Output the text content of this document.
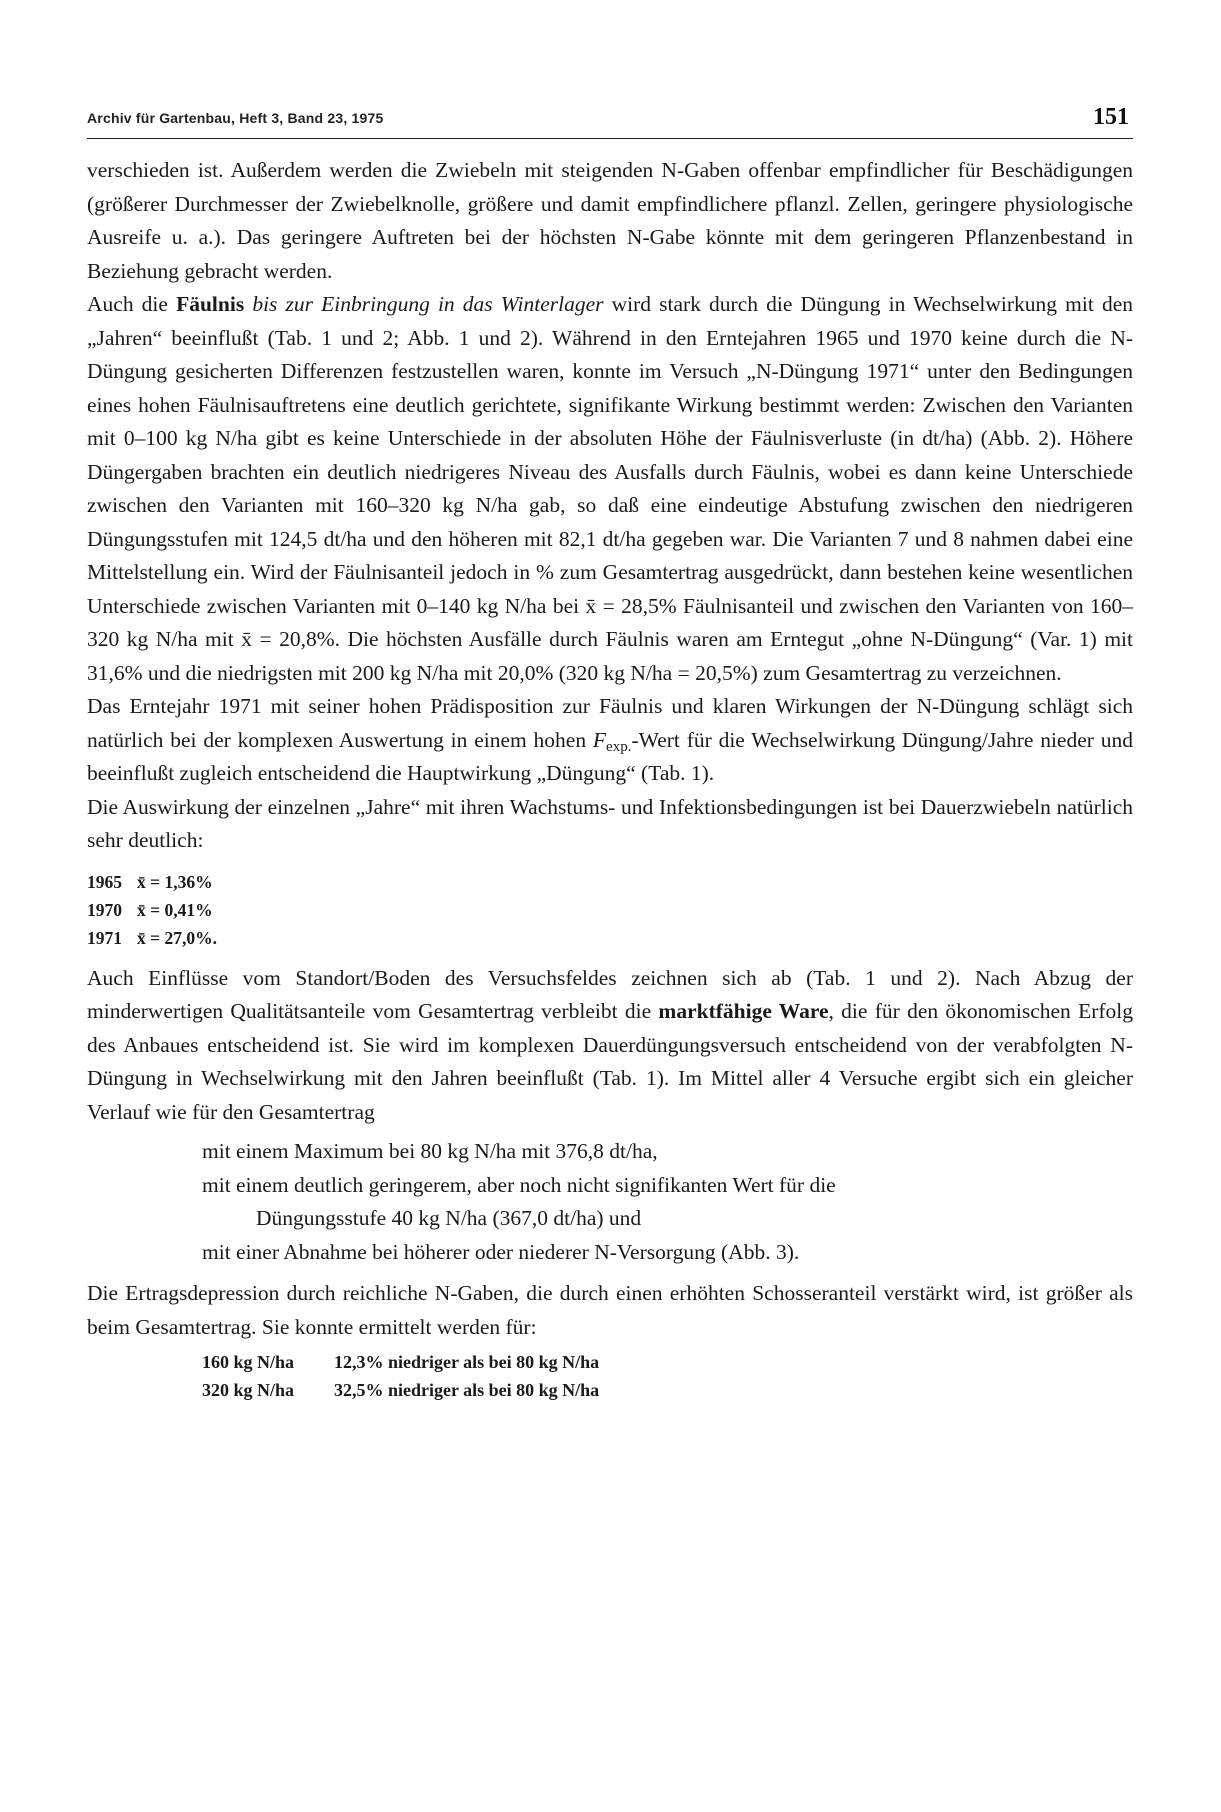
Archiv für Gartenbau, Heft 3, Band 23, 1975	151

verschieden ist. Außerdem werden die Zwiebeln mit steigenden N-Gaben offenbar empfindlicher für Beschädigungen (größerer Durchmesser der Zwiebelknolle, größere und damit empfindlichere pflanzl. Zellen, geringere physiologische Ausreife u. a.). Das geringere Auftreten bei der höchsten N-Gabe könnte mit dem geringeren Pflanzenbestand in Beziehung gebracht werden.

Auch die Fäulnis bis zur Einbringung in das Winterlager wird stark durch die Düngung in Wechselwirkung mit den „Jahren“ beeinflußt (Tab. 1 und 2; Abb. 1 und 2). Während in den Erntejahren 1965 und 1970 keine durch die N-Düngung gesicherten Differenzen festzustellen waren, konnte im Versuch „N-Düngung 1971“ unter den Bedingungen eines hohen Fäulnisauftretens eine deutlich gerichtete, signifikante Wirkung bestimmt werden: Zwischen den Varianten mit 0–100 kg N/ha gibt es keine Unterschiede in der absoluten Höhe der Fäulnisverluste (in dt/ha) (Abb. 2). Höhere Düngergaben brachten ein deutlich niedrigeres Niveau des Ausfalls durch Fäulnis, wobei es dann keine Unterschiede zwischen den Varianten mit 160–320 kg N/ha gab, so daß eine eindeutige Abstufung zwischen den niedrigeren Düngungsstufen mit 124,5 dt/ha und den höheren mit 82,1 dt/ha gegeben war. Die Varianten 7 und 8 nahmen dabei eine Mittelstellung ein. Wird der Fäulnisanteil jedoch in % zum Gesamtertrag ausgedrückt, dann bestehen keine wesentlichen Unterschiede zwischen Varianten mit 0–140 kg N/ha bei x̄ = 28,5% Fäulnisanteil und zwischen den Varianten von 160–320 kg N/ha mit x̄ = 20,8%. Die höchsten Ausfälle durch Fäulnis waren am Erntegut „ohne N-Düngung“ (Var. 1) mit 31,6% und die niedrigsten mit 200 kg N/ha mit 20,0% (320 kg N/ha = 20,5%) zum Gesamtertrag zu verzeichnen.

Das Erntejahr 1971 mit seiner hohen Prädisposition zur Fäulnis und klaren Wirkungen der N-Düngung schlägt sich natürlich bei der komplexen Auswertung in einem hohen $F_{exp.}$-Wert für die Wechselwirkung Düngung/Jahre nieder und beeinflußt zugleich entscheidend die Hauptwirkung „Düngung“ (Tab. 1).

Die Auswirkung der einzelnen „Jahre“ mit ihren Wachstums- und Infektionsbedingungen ist bei Dauerzwiebeln natürlich sehr deutlich:

1965 x̄ = 1,36%
1970 x̄ = 0,41%
1971 x̄ = 27,0%.

Auch Einflüsse vom Standort/Boden des Versuchsfeldes zeichnen sich ab (Tab. 1 und 2). Nach Abzug der minderwertigen Qualitätsanteile vom Gesamtertrag verbleibt die marktfähige Ware, die für den ökonomischen Erfolg des Anbaues entscheidend ist. Sie wird im komplexen Dauerdüngungsversuch entscheidend von der verabfolgten N-Düngung in Wechselwirkung mit den Jahren beeinflußt (Tab. 1). Im Mittel aller 4 Versuche ergibt sich ein gleicher Verlauf wie für den Gesamtertrag

mit einem Maximum bei 80 kg N/ha mit 376,8 dt/ha,
mit einem deutlich geringerem, aber noch nicht signifikanten Wert für die
Düngungsstufe 40 kg N/ha (367,0 dt/ha) und
mit einer Abnahme bei höherer oder niederer N-Versorgung (Abb. 3).

Die Ertragsdepression durch reichliche N-Gaben, die durch einen erhöhten Schosseranteil verstärkt wird, ist größer als beim Gesamtertrag. Sie konnte ermittelt werden für:

160 kg N/ha 12,3% niedriger als bei 80 kg N/ha
320 kg N/ha 32,5% niedriger als bei 80 kg N/ha
